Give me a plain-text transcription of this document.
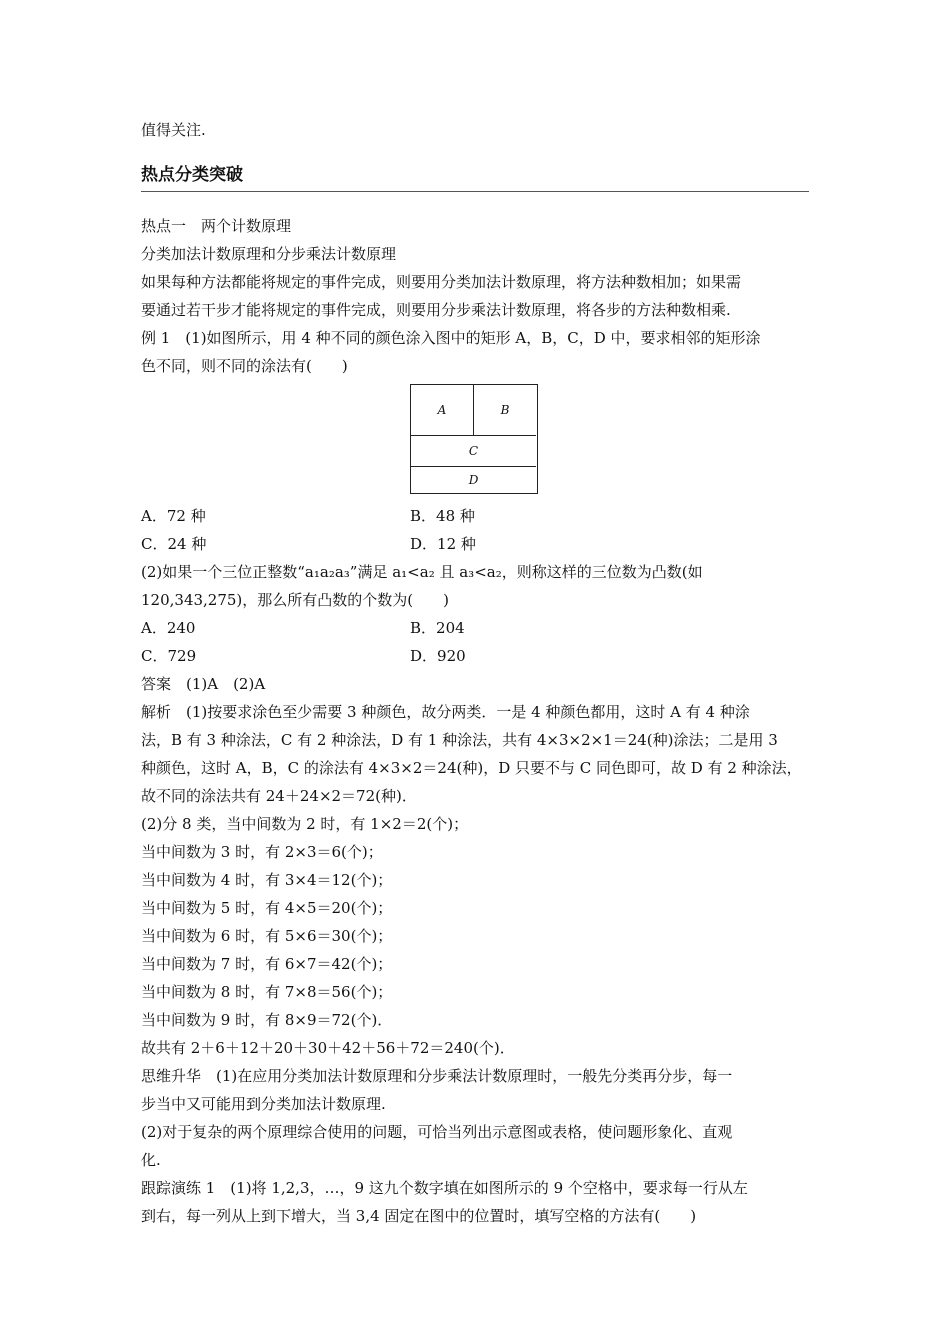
值得关注.
热点分类突破
热点一　两个计数原理
分类加法计数原理和分步乘法计数原理
如果每种方法都能将规定的事件完成，则要用分类加法计数原理，将方法种数相加；如果需
要通过若干步才能将规定的事件完成，则要用分步乘法计数原理，将各步的方法种数相乘.
例 1　(1)如图所示，用 4 种不同的颜色涂入图中的矩形 A，B，C，D 中，要求相邻的矩形涂
色不同，则不同的涂法有(　　)
A	B
C
D
A．72 种	B．48 种
C．24 种	D．12 种
(2)如果一个三位正整数“a₁a₂a₃”满足 a₁<a₂ 且 a₃<a₂，则称这样的三位数为凸数(如
120,343,275)，那么所有凸数的个数为(　　)
A．240	B．204
C．729	D．920
答案　(1)A　(2)A
解析　(1)按要求涂色至少需要 3 种颜色，故分两类．一是 4 种颜色都用，这时 A 有 4 种涂
法，B 有 3 种涂法，C 有 2 种涂法，D 有 1 种涂法，共有 4×3×2×1＝24(种)涂法；二是用 3
种颜色，这时 A，B，C 的涂法有 4×3×2＝24(种)，D 只要不与 C 同色即可，故 D 有 2 种涂法，
故不同的涂法共有 24＋24×2＝72(种)．
(2)分 8 类，当中间数为 2 时，有 1×2＝2(个)；
当中间数为 3 时，有 2×3＝6(个)；
当中间数为 4 时，有 3×4＝12(个)；
当中间数为 5 时，有 4×5＝20(个)；
当中间数为 6 时，有 5×6＝30(个)；
当中间数为 7 时，有 6×7＝42(个)；
当中间数为 8 时，有 7×8＝56(个)；
当中间数为 9 时，有 8×9＝72(个)．
故共有 2＋6＋12＋20＋30＋42＋56＋72＝240(个)．
思维升华　(1)在应用分类加法计数原理和分步乘法计数原理时，一般先分类再分步，每一
步当中又可能用到分类加法计数原理.
(2)对于复杂的两个原理综合使用的问题，可恰当列出示意图或表格，使问题形象化、直观
化.
跟踪演练 1　(1)将 1,2,3，…，9 这九个数字填在如图所示的 9 个空格中，要求每一行从左
到右，每一列从上到下增大，当 3,4 固定在图中的位置时，填写空格的方法有(　　)
